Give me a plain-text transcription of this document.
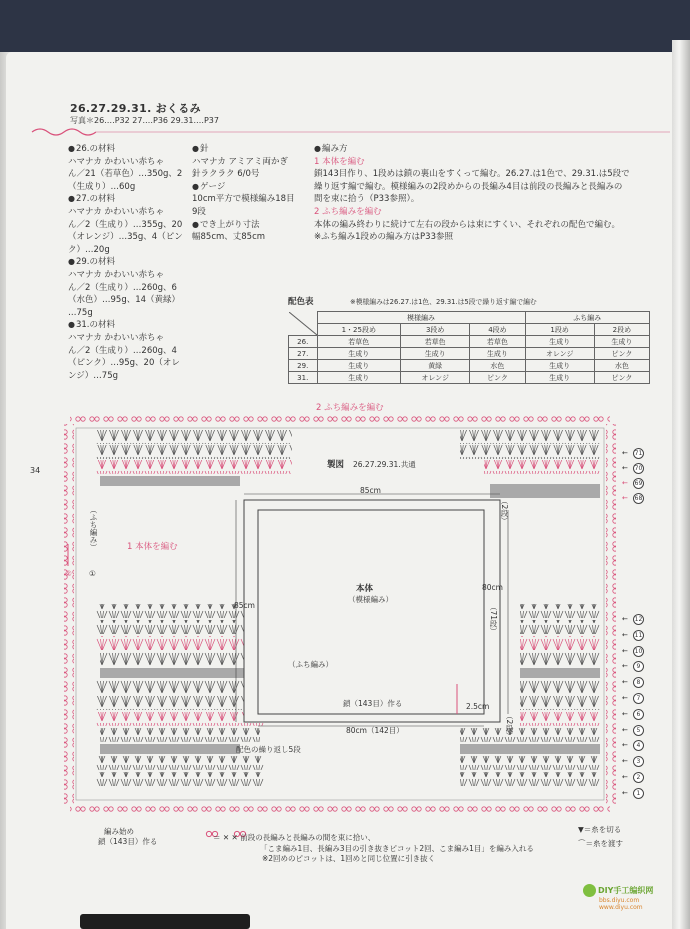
26.27.29.31. おくるみ
写真＊26.…P32 27.…P36 29.31.…P37
● 26.の材料
ハマナカ かわいい赤ちゃ
ん／21（若草色）…350g、2
（生成り）…60g
● 27.の材料
ハマナカ かわいい赤ちゃ
ん／2（生成り）…355g、20
（オレンジ）…35g、4（ピン
ク）…20g
● 29.の材料
ハマナカ かわいい赤ちゃ
ん／2（生成り）…260g、6
（水色）…95g、14（黄緑）
…75g
● 31.の材料
ハマナカ かわいい赤ちゃ
ん／2（生成り）…260g、4
（ピンク）…95g、20（オレ
ンジ）…75g
● 針
ハマナカ アミアミ両かぎ
針ラクラク 6/0号
● ゲージ
10cm平方で模様編み18目
9段
● でき上がり寸法
幅85cm、丈85cm
● 編み方
1 本体を編む
鎖143目作り、1段めは鎖の裏山をすくって編む。26.27.は1色で、29.31.は5段で
繰り返す編で編む。模様編みの2段めからの長編み4目は前段の長編みと長編みの
間を束に拾う（P33参照）。
2 ふち編みを編む
本体の編み終わりに続けて左右の段からは束にすくい、それぞれの配色で編む。
※ふち編み1段めの編み方はP33参照
配色表	※模様編みは26.27.は1色、29.31.は5段で繰り返す編で編む
	模様編み			ふち編み	
	1・25段め	3段め	4段め	1段め	2段め
26.	若草色	若草色	若草色	生成り	生成り
27.	生成り	生成り	生成り	オレンジ	ピンク
29.	生成り	黄緑	水色	生成り	水色
31.	生成り	オレンジ	ピンク	生成り	ピンク
2 ふち編みを編む
34
製図 26.27.29.31.共通
85cm
85cm
80cm
（71段）
80cm（142目）
鎖（143目）作る
本体
（模様編み）
（ふち編み）
（2段）
2.5cm
（2段）
配色の繰り返し5段
1 本体を編む
（ふち編み）
①
②
編み始め
鎖（143目）作る
← 71
← 70
← 69
← 68
← 12
← 11
← 10
← 9
← 8
← 7
← 6
← 5
← 4
← 3
← 2
← 1
＝ ✕ ✕ 前段の長編みと長編みの間を束に拾い、
「こま編み1目、長編み3目の引き抜きピコット2回、こま編み1目」を編み入れる
※2回めのピコットは、1回めと同じ位置に引き抜く
▼＝糸を切る
⌒＝糸を渡す
DIY手工编织网
bbs.diyu.com
www.diyu.com
